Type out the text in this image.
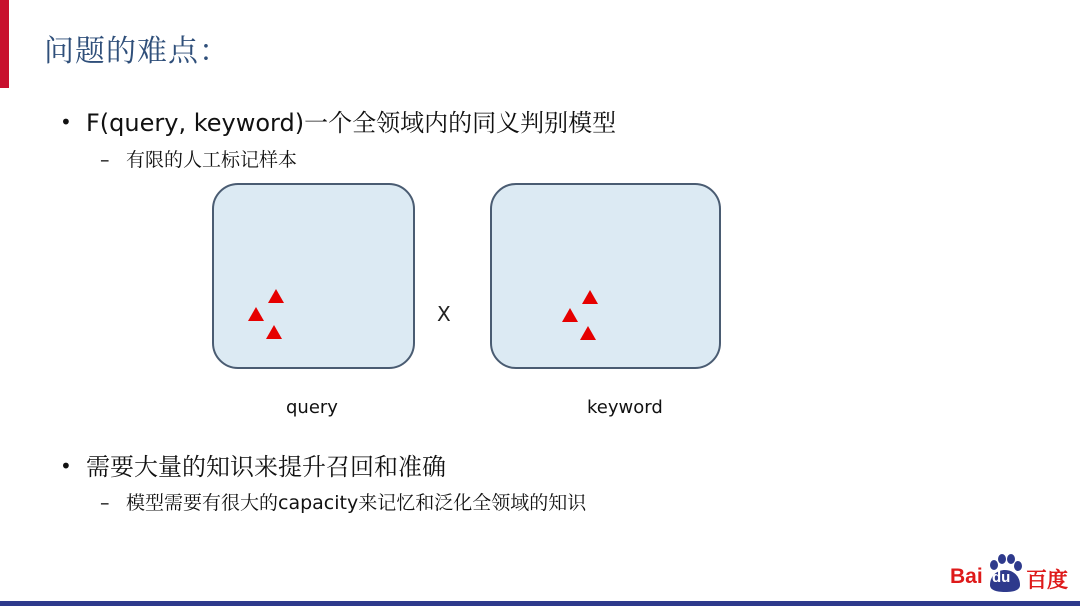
问题的难点：
• F(query, keyword)一个全领域内的同义判别模型
– 有限的人工标记样本
X
query	keyword
• 需要大量的知识来提升召回和准确
– 模型需要有很大的capacity来记忆和泛化全领域的知识
Bai du 百度
